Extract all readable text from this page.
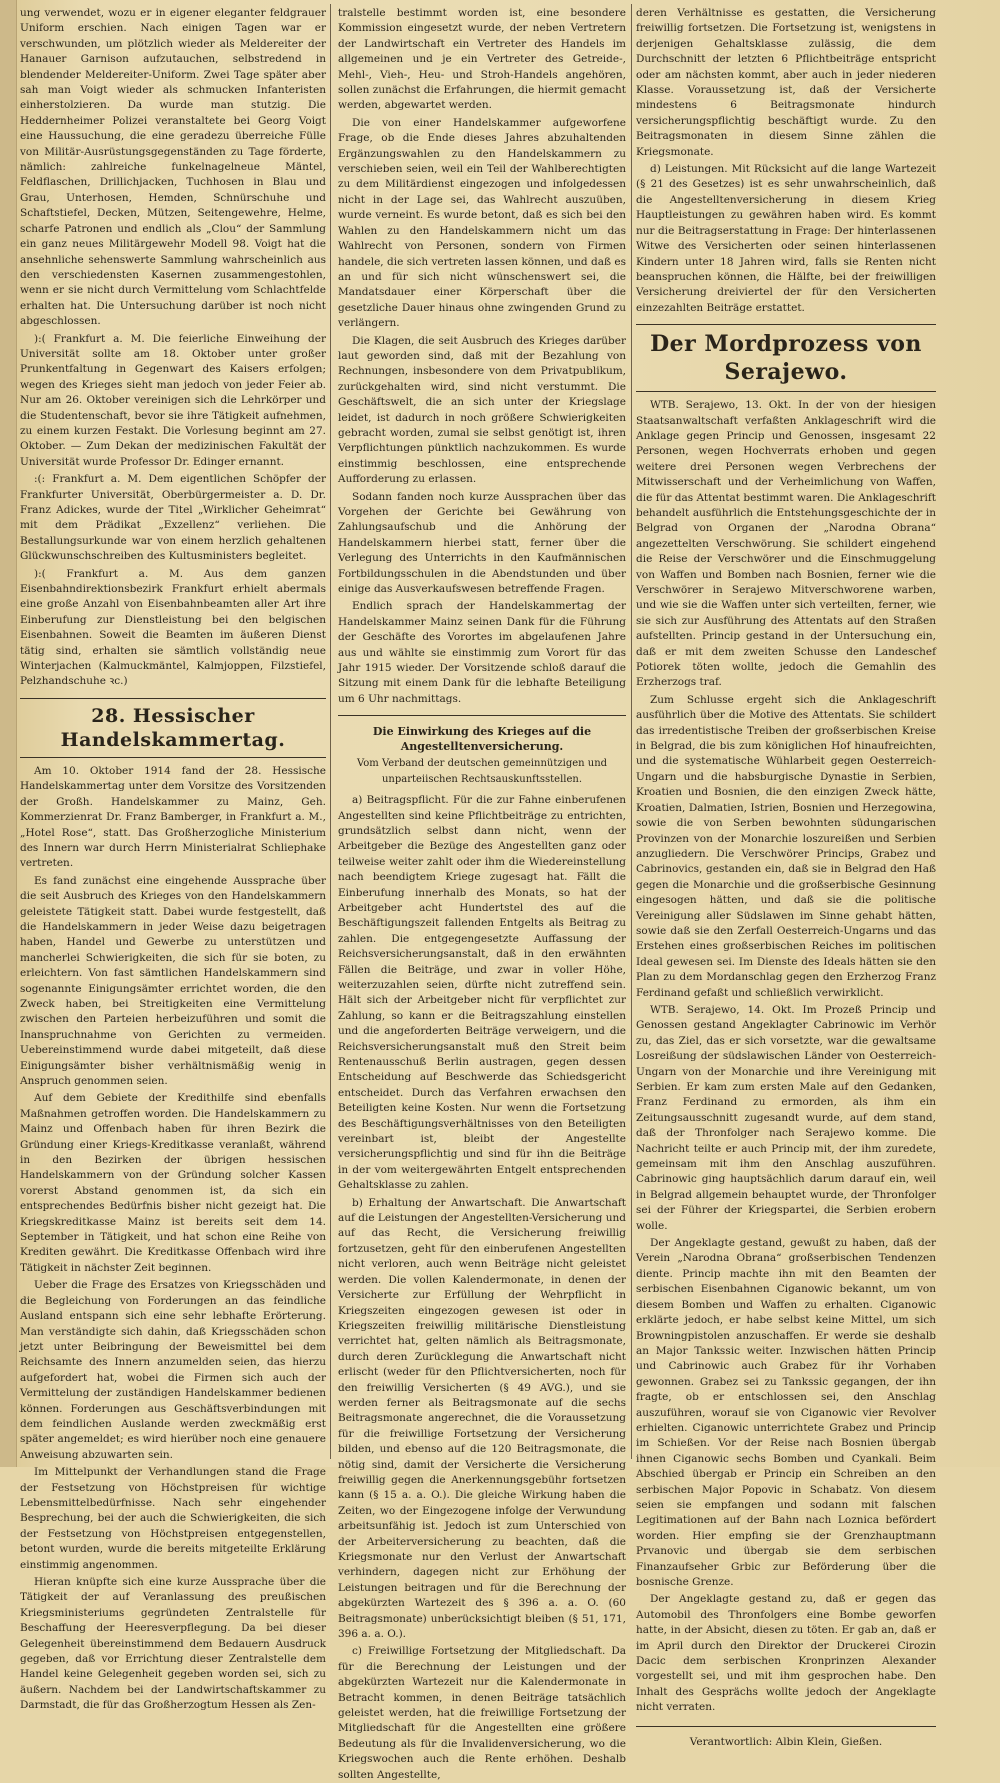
ung verwendet, wozu er in eigener eleganter feldgrauer Uniform erschien. Nach einigen Tagen war er verschwunden, um plötzlich wieder als Meldereiter der Hanauer Garnison aufzutauchen, selbstredend in blendender Meldereiter-Uniform. Zwei Tage später aber sah man Voigt wieder als schmucken Infanteristen einherstolzieren. Da wurde man stutzig. Die Heddernheimer Polizei veranstaltete bei Georg Voigt eine Haussuchung, die eine geradezu überreiche Fülle von Militär-Ausrüstungsgegenständen zu Tage förderte, nämlich: zahlreiche funkelnagelneue Mäntel, Feldflaschen, Drillichjacken, Tuchhosen in Blau und Grau, Unterhosen, Hemden, Schnürschuhe und Schaftstiefel, Decken, Mützen, Seitengewehre, Helme, scharfe Patronen und endlich als „Clou“ der Sammlung ein ganz neues Militärgewehr Modell 98. Voigt hat die ansehnliche sehenswerte Sammlung wahrscheinlich aus den verschiedensten Kasernen zusammengestohlen, wenn er sie nicht durch Vermittelung vom Schlachtfelde erhalten hat. Die Untersuchung darüber ist noch nicht abgeschlossen.

):( Frankfurt a. M. Die feierliche Einweihung der Universität sollte am 18. Oktober unter großer Prunkentfaltung in Gegenwart des Kaisers erfolgen; wegen des Krieges sieht man jedoch von jeder Feier ab. Nur am 26. Oktober vereinigen sich die Lehrkörper und die Studentenschaft, bevor sie ihre Tätigkeit aufnehmen, zu einem kurzen Festakt. Die Vorlesung beginnt am 27. Oktober. — Zum Dekan der medizinischen Fakultät der Universität wurde Professor Dr. Edinger ernannt.

:(: Frankfurt a. M. Dem eigentlichen Schöpfer der Frankfurter Universität, Oberbürgermeister a. D. Dr. Franz Adickes, wurde der Titel „Wirklicher Geheimrat“ mit dem Prädikat „Exzellenz“ verliehen. Die Bestallungsurkunde war von einem herzlich gehaltenen Glückwunschschreiben des Kultusministers begleitet.

):( Frankfurt a. M. Aus dem ganzen Eisenbahndirektionsbezirk Frankfurt erhielt abermals eine große Anzahl von Eisenbahnbeamten aller Art ihre Einberufung zur Dienstleistung bei den belgischen Eisenbahnen. Soweit die Beamten im äußeren Dienst tätig sind, erhalten sie sämtlich vollständig neue Winterjachen (Kalmuckmäntel, Kalmjoppen, Filzstiefel, Pelzhandschuhe ꝛc.)

28. Hessischer Handelskammertag.

Am 10. Oktober 1914 fand der 28. Hessische Handelskammertag unter dem Vorsitze des Vorsitzenden der Großh. Handelskammer zu Mainz, Geh. Kommerzienrat Dr. Franz Bamberger, in Frankfurt a. M., „Hotel Rose“, statt. Das Großherzogliche Ministerium des Innern war durch Herrn Ministerialrat Schliephake vertreten.

Es fand zunächst eine eingehende Aussprache über die seit Ausbruch des Krieges von den Handelskammern geleistete Tätigkeit statt. Dabei wurde festgestellt, daß die Handelskammern in jeder Weise dazu beigetragen haben, Handel und Gewerbe zu unterstützen und mancherlei Schwierigkeiten, die sich für sie boten, zu erleichtern. Von fast sämtlichen Handelskammern sind sogenannte Einigungsämter errichtet worden, die den Zweck haben, bei Streitigkeiten eine Vermittelung zwischen den Parteien herbeizuführen und somit die Inanspruchnahme von Gerichten zu vermeiden. Uebereinstimmend wurde dabei mitgeteilt, daß diese Einigungsämter bisher verhältnismäßig wenig in Anspruch genommen seien.

Auf dem Gebiete der Kredithilfe sind ebenfalls Maßnahmen getroffen worden. Die Handelskammern zu Mainz und Offenbach haben für ihren Bezirk die Gründung einer Kriegs-Kreditkasse veranlaßt, während in den Bezirken der übrigen hessischen Handelskammern von der Gründung solcher Kassen vorerst Abstand genommen ist, da sich ein entsprechendes Bedürfnis bisher nicht gezeigt hat. Die Kriegskreditkasse Mainz ist bereits seit dem 14. September in Tätigkeit, und hat schon eine Reihe von Krediten gewährt. Die Kreditkasse Offenbach wird ihre Tätigkeit in nächster Zeit beginnen.

Ueber die Frage des Ersatzes von Kriegsschäden und die Begleichung von Forderungen an das feindliche Ausland entspann sich eine sehr lebhafte Erörterung. Man verständigte sich dahin, daß Kriegsschäden schon jetzt unter Beibringung der Beweismittel bei dem Reichsamte des Innern anzumelden seien, das hierzu aufgefordert hat, wobei die Firmen sich auch der Vermittelung der zuständigen Handelskammer bedienen können. Forderungen aus Geschäftsverbindungen mit dem feindlichen Auslande werden zweckmäßig erst später angemeldet; es wird hierüber noch eine genauere Anweisung abzuwarten sein.

Im Mittelpunkt der Verhandlungen stand die Frage der Festsetzung von Höchstpreisen für wichtige Lebensmittelbedürfnisse. Nach sehr eingehender Besprechung, bei der auch die Schwierigkeiten, die sich der Festsetzung von Höchstpreisen entgegenstellen, betont wurden, wurde die bereits mitgeteilte Erklärung einstimmig angenommen.

Hieran knüpfte sich eine kurze Aussprache über die Tätigkeit der auf Veranlassung des preußischen Kriegsministeriums gegründeten Zentralstelle für Beschaffung der Heeresverpflegung. Da bei dieser Gelegenheit übereinstimmend dem Bedauern Ausdruck gegeben, daß vor Errichtung dieser Zentralstelle dem Handel keine Gelegenheit gegeben worden sei, sich zu äußern. Nachdem bei der Landwirtschaftskammer zu Darmstadt, die für das Großherzogtum Hessen als Zen-

tralstelle bestimmt worden ist, eine besondere Kommission eingesetzt wurde, der neben Vertretern der Landwirtschaft ein Vertreter des Handels im allgemeinen und je ein Vertreter des Getreide-, Mehl-, Vieh-, Heu- und Stroh-Handels angehören, sollen zunächst die Erfahrungen, die hiermit gemacht werden, abgewartet werden.

Die von einer Handelskammer aufgeworfene Frage, ob die Ende dieses Jahres abzuhaltenden Ergänzungswahlen zu den Handelskammern zu verschieben seien, weil ein Teil der Wahlberechtigten zu dem Militärdienst eingezogen und infolgedessen nicht in der Lage sei, das Wahlrecht auszuüben, wurde verneint. Es wurde betont, daß es sich bei den Wahlen zu den Handelskammern nicht um das Wahlrecht von Personen, sondern von Firmen handele, die sich vertreten lassen können, und daß es an und für sich nicht wünschenswert sei, die Mandatsdauer einer Körperschaft über die gesetzliche Dauer hinaus ohne zwingenden Grund zu verlängern.

Die Klagen, die seit Ausbruch des Krieges darüber laut geworden sind, daß mit der Bezahlung von Rechnungen, insbesondere von dem Privatpublikum, zurückgehalten wird, sind nicht verstummt. Die Geschäftswelt, die an sich unter der Kriegslage leidet, ist dadurch in noch größere Schwierigkeiten gebracht worden, zumal sie selbst genötigt ist, ihren Verpflichtungen pünktlich nachzukommen. Es wurde einstimmig beschlossen, eine entsprechende Aufforderung zu erlassen.

Sodann fanden noch kurze Aussprachen über das Vorgehen der Gerichte bei Gewährung von Zahlungsaufschub und die Anhörung der Handelskammern hierbei statt, ferner über die Verlegung des Unterrichts in den Kaufmännischen Fortbildungsschulen in die Abendstunden und über einige das Ausverkaufswesen betreffende Fragen.

Endlich sprach der Handelskammertag der Handelskammer Mainz seinen Dank für die Führung der Geschäfte des Vorortes im abgelaufenen Jahre aus und wählte sie einstimmig zum Vorort für das Jahr 1915 wieder. Der Vorsitzende schloß darauf die Sitzung mit einem Dank für die lebhafte Beteiligung um 6 Uhr nachmittags.

Die Einwirkung des Krieges auf die Angestelltenversicherung.

Vom Verband der deutschen gemeinnützigen und unparteiischen Rechtsauskunftsstellen.

a) Beitragspflicht. Für die zur Fahne einberufenen Angestellten sind keine Pflichtbeiträge zu entrichten, grundsätzlich selbst dann nicht, wenn der Arbeitgeber die Bezüge des Angestellten ganz oder teilweise weiter zahlt oder ihm die Wiedereinstellung nach beendigtem Kriege zugesagt hat. Fällt die Einberufung innerhalb des Monats, so hat der Arbeitgeber acht Hundertstel des auf die Beschäftigungszeit fallenden Entgelts als Beitrag zu zahlen. Die entgegengesetzte Auffassung der Reichsversicherungsanstalt, daß in den erwähnten Fällen die Beiträge, und zwar in voller Höhe, weiterzuzahlen seien, dürfte nicht zutreffend sein. Hält sich der Arbeitgeber nicht für verpflichtet zur Zahlung, so kann er die Beitragszahlung einstellen und die angeforderten Beiträge verweigern, und die Reichsversicherungsanstalt muß den Streit beim Rentenausschuß Berlin austragen, gegen dessen Entscheidung auf Beschwerde das Schiedsgericht entscheidet. Durch das Verfahren erwachsen den Beteiligten keine Kosten. Nur wenn die Fortsetzung des Beschäftigungsverhältnisses von den Beteiligten vereinbart ist, bleibt der Angestellte versicherungspflichtig und sind für ihn die Beiträge in der vom weitergewährten Entgelt entsprechenden Gehaltsklasse zu zahlen.

b) Erhaltung der Anwartschaft. Die Anwartschaft auf die Leistungen der Angestellten-Versicherung und auf das Recht, die Versicherung freiwillig fortzusetzen, geht für den einberufenen Angestellten nicht verloren, auch wenn Beiträge nicht geleistet werden. Die vollen Kalendermonate, in denen der Versicherte zur Erfüllung der Wehrpflicht in Kriegszeiten eingezogen gewesen ist oder in Kriegszeiten freiwillig militärische Dienstleistung verrichtet hat, gelten nämlich als Beitragsmonate, durch deren Zurücklegung die Anwartschaft nicht erlischt (weder für den Pflichtversicherten, noch für den freiwillig Versicherten (§ 49 AVG.), und sie werden ferner als Beitragsmonate auf die sechs Beitragsmonate angerechnet, die die Voraussetzung für die freiwillige Fortsetzung der Versicherung bilden, und ebenso auf die 120 Beitragsmonate, die nötig sind, damit der Versicherte die Versicherung freiwillig gegen die Anerkennungsgebühr fortsetzen kann (§ 15 a. a. O.). Die gleiche Wirkung haben die Zeiten, wo der Eingezogene infolge der Verwundung arbeitsunfähig ist. Jedoch ist zum Unterschied von der Arbeiterversicherung zu beachten, daß die Kriegsmonate nur den Verlust der Anwartschaft verhindern, dagegen nicht zur Erhöhung der Leistungen beitragen und für die Berechnung der abgekürzten Wartezeit des § 396 a. a. O. (60 Beitragsmonate) unberücksichtigt bleiben (§ 51, 171, 396 a. a. O.).

c) Freiwillige Fortsetzung der Mitgliedschaft. Da für die Berechnung der Leistungen und der abgekürzten Wartezeit nur die Kalendermonate in Betracht kommen, in denen Beiträge tatsächlich geleistet werden, hat die freiwillige Fortsetzung der Mitgliedschaft für die Angestellten eine größere Bedeutung als für die Invalidenversicherung, wo die Kriegswochen auch die Rente erhöhen. Deshalb sollten Angestellte,

deren Verhältnisse es gestatten, die Versicherung freiwillig fortsetzen. Die Fortsetzung ist, wenigstens in derjenigen Gehaltsklasse zulässig, die dem Durchschnitt der letzten 6 Pflichtbeiträge entspricht oder am nächsten kommt, aber auch in jeder niederen Klasse. Voraussetzung ist, daß der Versicherte mindestens 6 Beitragsmonate hindurch versicherungspflichtig beschäftigt wurde. Zu den Beitragsmonaten in diesem Sinne zählen die Kriegsmonate.

d) Leistungen. Mit Rücksicht auf die lange Wartezeit (§ 21 des Gesetzes) ist es sehr unwahrscheinlich, daß die Angestelltenversicherung in diesem Krieg Hauptleistungen zu gewähren haben wird. Es kommt nur die Beitragserstattung in Frage: Der hinterlassenen Witwe des Versicherten oder seinen hinterlassenen Kindern unter 18 Jahren wird, falls sie Renten nicht beanspruchen können, die Hälfte, bei der freiwilligen Versicherung dreiviertel der für den Versicherten einzezahlten Beiträge erstattet.

Der Mordprozess von Serajewo.

WTB. Serajewo, 13. Okt. In der von der hiesigen Staatsanwaltschaft verfaßten Anklageschrift wird die Anklage gegen Princip und Genossen, insgesamt 22 Personen, wegen Hochverrats erhoben und gegen weitere drei Personen wegen Verbrechens der Mitwisserschaft und der Verheimlichung von Waffen, die für das Attentat bestimmt waren. Die Anklageschrift behandelt ausführlich die Entstehungsgeschichte der in Belgrad von Organen der „Narodna Obrana“ angezettelten Verschwörung. Sie schildert eingehend die Reise der Verschwörer und die Einschmuggelung von Waffen und Bomben nach Bosnien, ferner wie die Verschwörer in Serajewo Mitverschworene warben, und wie sie die Waffen unter sich verteilten, ferner, wie sie sich zur Ausführung des Attentats auf den Straßen aufstellten. Princip gestand in der Untersuchung ein, daß er mit dem zweiten Schusse den Landeschef Potiorek töten wollte, jedoch die Gemahlin des Erzherzogs traf.

Zum Schlusse ergeht sich die Anklageschrift ausführlich über die Motive des Attentats. Sie schildert das irredentistische Treiben der großserbischen Kreise in Belgrad, die bis zum königlichen Hof hinaufreichten, und die systematische Wühlarbeit gegen Oesterreich-Ungarn und die habsburgische Dynastie in Serbien, Kroatien und Bosnien, die den einzigen Zweck hätte, Kroatien, Dalmatien, Istrien, Bosnien und Herzegowina, sowie die von Serben bewohnten südungarischen Provinzen von der Monarchie loszureißen und Serbien anzugliedern. Die Verschwörer Princips, Grabez und Cabrinovics, gestanden ein, daß sie in Belgrad den Haß gegen die Monarchie und die großserbische Gesinnung eingesogen hätten, und daß sie die politische Vereinigung aller Südslawen im Sinne gehabt hätten, sowie daß sie den Zerfall Oesterreich-Ungarns und das Erstehen eines großserbischen Reiches im politischen Ideal gewesen sei. Im Dienste des Ideals hätten sie den Plan zu dem Mordanschlag gegen den Erzherzog Franz Ferdinand gefaßt und schließlich verwirklicht.

WTB. Serajewo, 14. Okt. Im Prozeß Princip und Genossen gestand Angeklagter Cabrinowic im Verhör zu, das Ziel, das er sich vorsetzte, war die gewaltsame Losreißung der südslawischen Länder von Oesterreich-Ungarn von der Monarchie und ihre Vereinigung mit Serbien. Er kam zum ersten Male auf den Gedanken, Franz Ferdinand zu ermorden, als ihm ein Zeitungsausschnitt zugesandt wurde, auf dem stand, daß der Thronfolger nach Serajewo komme. Die Nachricht teilte er auch Princip mit, der ihm zuredete, gemeinsam mit ihm den Anschlag auszuführen. Cabrinowic ging hauptsächlich darum darauf ein, weil in Belgrad allgemein behauptet wurde, der Thronfolger sei der Führer der Kriegspartei, die Serbien erobern wolle.

Der Angeklagte gestand, gewußt zu haben, daß der Verein „Narodna Obrana“ großserbischen Tendenzen diente. Princip machte ihn mit den Beamten der serbischen Eisenbahnen Ciganowic bekannt, um von diesem Bomben und Waffen zu erhalten. Ciganowic erklärte jedoch, er habe selbst keine Mittel, um sich Browningpistolen anzuschaffen. Er werde sie deshalb an Major Tankssic weiter. Inzwischen hätten Princip und Cabrinowic auch Grabez für ihr Vorhaben gewonnen. Grabez sei zu Tankssic gegangen, der ihn fragte, ob er entschlossen sei, den Anschlag auszuführen, worauf sie von Ciganowic vier Revolver erhielten. Ciganowic unterrichtete Grabez und Princip im Schießen. Vor der Reise nach Bosnien übergab ihnen Ciganowic sechs Bomben und Cyankali. Beim Abschied übergab er Princip ein Schreiben an den serbischen Major Popovic in Schabatz. Von diesem seien sie empfangen und sodann mit falschen Legitimationen auf der Bahn nach Loznica befördert worden. Hier empfing sie der Grenzhauptmann Prvanovic und übergab sie dem serbischen Finanzaufseher Grbic zur Beförderung über die bosnische Grenze.

Der Angeklagte gestand zu, daß er gegen das Automobil des Thronfolgers eine Bombe geworfen hatte, in der Absicht, diesen zu töten. Er gab an, daß er im April durch den Direktor der Druckerei Cirozin Dacic dem serbischen Kronprinzen Alexander vorgestellt sei, und mit ihm gesprochen habe. Den Inhalt des Gesprächs wollte jedoch der Angeklagte nicht verraten.

Verantwortlich: Albin Klein, Gießen.
